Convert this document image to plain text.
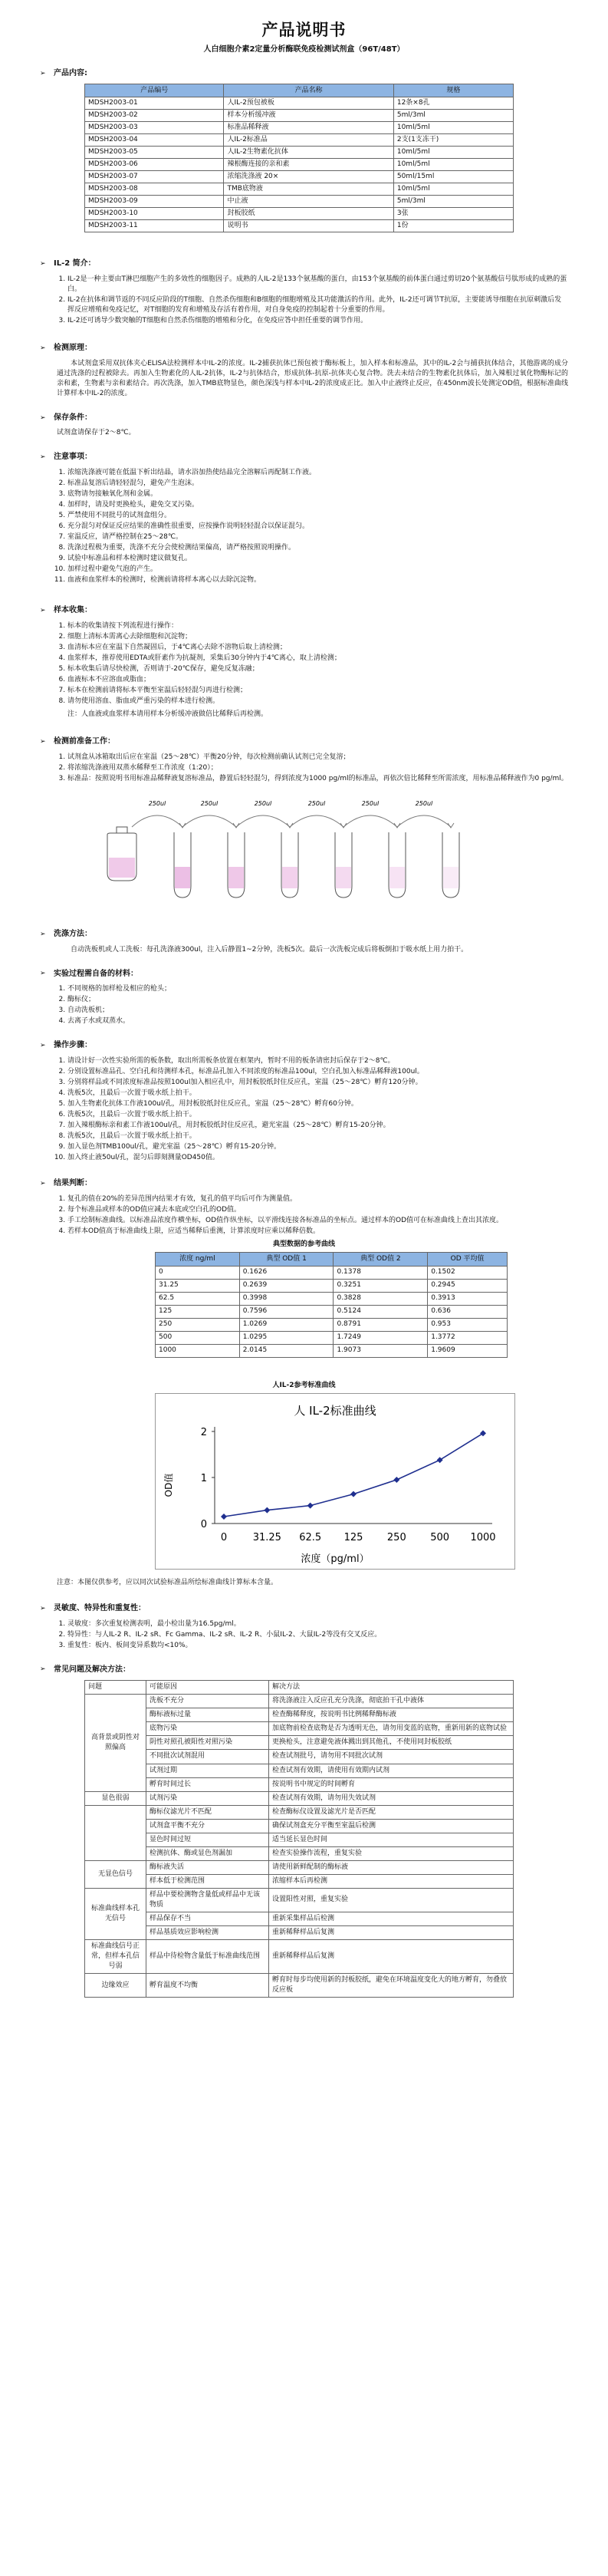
产品说明书
人白细胞介素2定量分析酶联免疫检测试剂盒（96T/48T）
➢	产品内容:
产品编号	产品名称	规格
MDSH2003-01	人IL-2预包被板	12条×8孔
MDSH2003-02	样本分析缓冲液	5ml/3ml
MDSH2003-03	标准品稀释液	10ml/5ml
MDSH2003-04	人IL-2标准品	2支(1支冻干)
MDSH2003-05	人IL-2生物素化抗体	10ml/5ml
MDSH2003-06	辣根酶连接的亲和素	10ml/5ml
MDSH2003-07	浓缩洗涤液 20×	50ml/15ml
MDSH2003-08	TMB底物液	10ml/5ml
MDSH2003-09	中止液	5ml/3ml
MDSH2003-10	封板胶纸	3张
MDSH2003-11	说明书	1份
➢	IL-2 简介：
1. IL-2是一种主要由T淋巴细胞产生的多效性的细胞因子。成熟的人IL-2是133个氨基酸的蛋白，由153个氨基酸的前体蛋白通过剪切20个氨基酸信号肽形成的成熟的蛋白。
2. IL-2在抗体和调节返的不同反应阶段的T细胞、自然杀伤细胞和B细胞的细胞增殖及其功能激活的作用。此外，IL-2还可调节T抗原，主要能诱导细胞在抗原刺激后发挥反应增殖和免疫记忆，对T细胞的发育和增殖及存活有着作用，对自身免疫的控制起着十分重要的作用。
3. IL-2还可诱导少数突触的T细胞和自然杀伤细胞的增殖和分化，在免疫应答中担任重要的调节作用。
➢	检测原理：
本试剂盒采用双抗体夹心ELISA法检测样本中IL-2的浓度。IL-2捕获抗体已预包被于酶标板上，加入样本和标准品，其中的IL-2会与捕获抗体结合，其他游离的成分通过洗涤的过程被除去。再加入生物素化的人IL-2抗体，IL-2与抗体结合，形成抗体-抗原-抗体夹心复合物。洗去未结合的生物素化抗体后，加入辣根过氧化物酶标记的亲和素，生物素与亲和素结合。再次洗涤，加入TMB底物显色，颜色深浅与样本中IL-2的浓度成正比。加入中止液终止反应，在450nm波长处测定OD值，根据标准曲线计算样本中IL-2的浓度。
➢	保存条件：
试剂盒请保存于2～8℃。
➢	注意事项：
1. 浓缩洗涤液可能在低温下析出结晶，请水浴加热使结晶完全溶解后再配制工作液。
2. 标准品复溶后请轻轻混匀，避免产生泡沫。
3. 底物请勿接触氧化剂和金属。
4. 加样时，请及时更换枪头，避免交叉污染。
5. 严禁使用不同批号的试剂盒组分。
6. 充分混匀对保证反应结果的准确性很重要，应按操作说明轻轻混合以保证混匀。
7. 室温反应，请严格控制在25～28℃。
8. 洗涤过程极为重要，洗涤不充分会使检测结果偏高，请严格按照说明操作。
9. 试验中标准品和样本检测时建议做复孔。
10. 加样过程中避免气泡的产生。
11. 血液和血浆样本的检测时，检测前请将样本离心以去除沉淀物。
➢	样本收集：
1. 标本的收集请按下列流程进行操作：
2. 细胞上清标本需离心去除细胞和沉淀物；
3. 血清标本应在室温下自然凝固后，于4℃离心去除不溶物后取上清检测；
4. 血浆样本，推荐使用EDTA或肝素作为抗凝剂，采集后30分钟内于4℃离心，取上清检测；
5. 标本收集后请尽快检测，否则请于-20℃保存，避免反复冻融；
6. 血液标本不应溶血或脂血；
7. 标本在检测前请将标本平衡至室温后轻轻混匀再进行检测；
8. 请勿使用溶血、脂血或严重污染的样本进行检测。
注：人血液或血浆样本请用样本分析缓冲液做倍比稀释后再检测。
➢	检测前准备工作：
1. 试剂盒从冰箱取出后应在室温（25～28℃）平衡20分钟，每次检测前确认试剂已完全复溶；
2. 将浓缩洗涤液用双蒸水稀释至工作浓度（1:20）；
3. 标准品：按照说明书用标准品稀释液复溶标准品，静置后轻轻混匀，得到浓度为1000 pg/ml的标准品，再依次倍比稀释至所需浓度，用标准品稀释液作为0 pg/ml。
250ul	250ul	250ul	250ul	250ul	250ul
➢	洗涤方法：
自动洗板机或人工洗板：每孔洗涤液300ul，注入后静置1~2分钟，洗板5次。最后一次洗板完成后将板倒扣于吸水纸上用力拍干。
➢	实验过程需自备的材料：
1. 不同规格的加样枪及相应的枪头；
2. 酶标仪；
3. 自动洗板机；
4. 去离子水或双蒸水。
➢	操作步骤：
1. 请设计好一次性实验所需的板条数，取出所需板条放置在框架内，暂时不用的板条请密封后保存于2～8℃。
2. 分别设置标准品孔、空白孔和待测样本孔，标准品孔加入不同浓度的标准品100ul，空白孔加入标准品稀释液100ul。
3. 分别将样品或不同浓度标准品按照100ul加入相应孔中，用封板胶纸封住反应孔，室温（25～28℃）孵育120分钟。
4. 洗板5次，且最后一次置于吸水纸上拍干。
5. 加入生物素化抗体工作液100ul/孔，用封板胶纸封住反应孔，室温（25～28℃）孵育60分钟。
6. 洗板5次，且最后一次置于吸水纸上拍干。
7. 加入辣根酶标亲和素工作液100ul/孔，用封板胶纸封住反应孔，避光室温（25～28℃）孵育15-20分钟。
8. 洗板5次，且最后一次置于吸水纸上拍干。
9. 加入显色剂TMB100ul/孔，避光室温（25～28℃）孵育15-20分钟。
10. 加入终止液50ul/孔，混匀后即刻测量OD450值。
➢	结果判断：
1. 复孔的值在20%的差异范围内结果才有效，复孔的值平均后可作为测量值。
2. 每个标准品或样本的OD值应减去本底或空白孔的OD值。
3. 手工绘制标准曲线。以标准品浓度作横坐标，OD值作纵坐标，以平滑线连接各标准品的坐标点。通过样本的OD值可在标准曲线上查出其浓度。
4. 若样本OD值高于标准曲线上限，应适当稀释后重测，计算浓度时应乘以稀释倍数。
典型数据的参考曲线
浓度 ng/ml	典型 OD值 1	典型 OD值 2	OD 平均值
0	0.1626	0.1378	0.1502
31.25	0.2639	0.3251	0.2945
62.5	0.3998	0.3828	0.3913
125	0.7596	0.5124	0.636
250	1.0269	0.8791	0.953
500	1.0295	1.7249	1.3772
1000	2.0145	1.9073	1.9609
人IL-2参考标准曲线
人 IL-2标准曲线
浓度（pg/ml）
OD值
0
1
2
0	31.25 62.5 125 250 500 1000
注意：本图仅供参考，应以同次试验标准品所绘标准曲线计算标本含量。
➢	灵敏度、特异性和重复性：
1. 灵敏度：多次重复检测表明，最小检出量为16.5pg/ml。
2. 特异性：与人IL-2 R、IL-2 sR、Fc Gamma、IL-2 sR、IL-2 R、小鼠IL-2、大鼠IL-2等没有交叉反应。
3. 重复性：板内、板间变异系数均<10%。
➢	常见问题及解决方法：
问题	可能原因	解决方法
高背景或阴性对照偏高	洗板不充分	将洗涤液注入反应孔充分洗涤，彻底拍干孔中液体
	酶标液标过量	检查酶稀释度，按说明书比例稀释酶标液
	底物污染	加底物前检查底物是否为透明无色，请勿用变蓝的底物，重新用新的底物试验
	阴性对照孔被阳性对照污染	更换枪头，注意避免液体溅出到其他孔，不使用同封板胶纸
	不同批次试剂混用	检查试剂批号，请勿用不同批次试剂
	试剂过期	检查试剂有效期，请使用有效期内试剂
	孵育时间过长	按说明书中规定的时间孵育
显色很弱	试剂污染	检查试剂有效期，请勿用失效试剂
	酶标仪滤光片不匹配	检查酶标仪设置及滤光片是否匹配
	试剂盒平衡不充分	确保试剂盒充分平衡至室温后检测
	显色时间过短	适当延长显色时间
	检测抗体、酶或显色剂漏加	检查实验操作流程，重复实验
无显色信号	酶标液失活	请使用新鲜配制的酶标液
	样本低于检测范围	浓缩样本后再检测
标准曲线样本孔无信号	样品中要检测物含量低或样品中无该物质	设置阳性对照，重复实验
	样品保存不当	重新采集样品后检测
	样品基质效应影响检测	重新稀释样品后复测
标准曲线信号正常，但样本孔信号弱	样品中待检物含量低于标准曲线范围	重新稀释样品后复测
边缘效应	孵育温度不均衡	孵育时每步均使用新的封板胶纸，避免在环境温度变化大的地方孵育，勿叠放反应板
